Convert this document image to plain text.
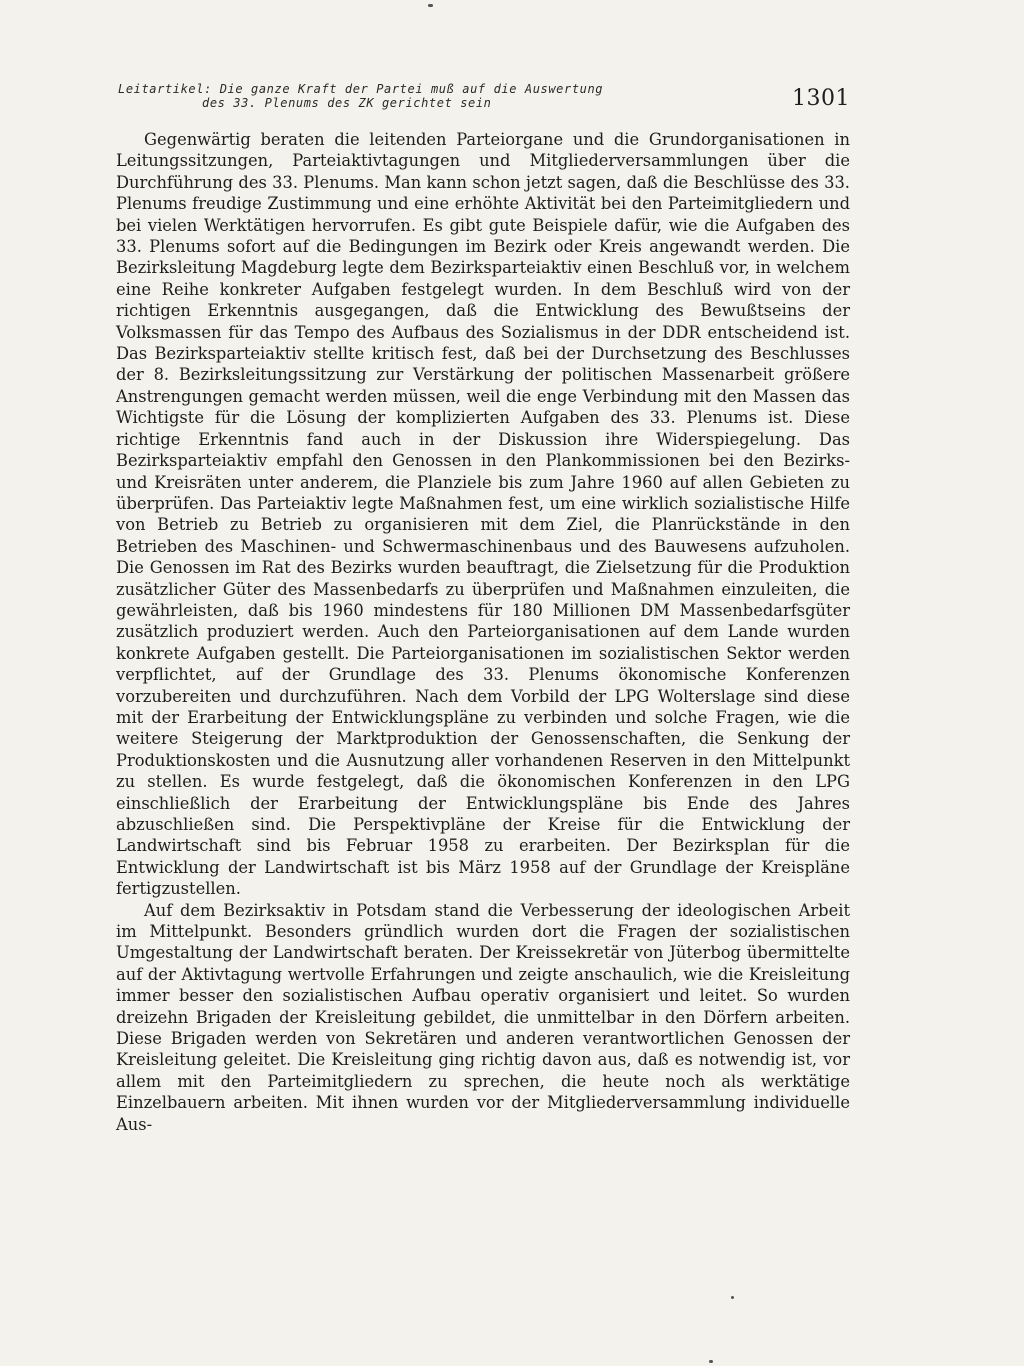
Leitartikel: Die ganze Kraft der Partei muß auf die Auswertung
des 33. Plenums des ZK gerichtet sein	1301

Gegenwärtig beraten die leitenden Parteiorgane und die Grundorganisationen in Leitungssitzungen, Parteiaktivtagungen und Mitgliederversammlungen über die Durchführung des 33. Plenums. Man kann schon jetzt sagen, daß die Beschlüsse des 33. Plenums freudige Zustimmung und eine erhöhte Aktivität bei den Parteimitgliedern und bei vielen Werktätigen hervorrufen. Es gibt gute Beispiele dafür, wie die Aufgaben des 33. Plenums sofort auf die Bedingungen im Bezirk oder Kreis angewandt werden. Die Bezirksleitung Magdeburg legte dem Bezirksparteiaktiv einen Beschluß vor, in welchem eine Reihe konkreter Aufgaben festgelegt wurden. In dem Beschluß wird von der richtigen Erkenntnis ausgegangen, daß die Entwicklung des Bewußtseins der Volksmassen für das Tempo des Aufbaus des Sozialismus in der DDR entscheidend ist. Das Bezirksparteiaktiv stellte kritisch fest, daß bei der Durchsetzung des Beschlusses der 8. Bezirksleitungssitzung zur Verstärkung der politischen Massenarbeit größere Anstrengungen gemacht werden müssen, weil die enge Verbindung mit den Massen das Wichtigste für die Lösung der komplizierten Aufgaben des 33. Plenums ist. Diese richtige Erkenntnis fand auch in der Diskussion ihre Widerspiegelung. Das Bezirksparteiaktiv empfahl den Genossen in den Plankommissionen bei den Bezirks- und Kreisräten unter anderem, die Planziele bis zum Jahre 1960 auf allen Gebieten zu überprüfen. Das Parteiaktiv legte Maßnahmen fest, um eine wirklich sozialistische Hilfe von Betrieb zu Betrieb zu organisieren mit dem Ziel, die Planrückstände in den Betrieben des Maschinen- und Schwermaschinenbaus und des Bauwesens aufzuholen. Die Genossen im Rat des Bezirks wurden beauftragt, die Zielsetzung für die Produktion zusätzlicher Güter des Massenbedarfs zu überprüfen und Maßnahmen einzuleiten, die gewährleisten, daß bis 1960 mindestens für 180 Millionen DM Massenbedarfsgüter zusätzlich produziert werden. Auch den Parteiorganisationen auf dem Lande wurden konkrete Aufgaben gestellt. Die Parteiorganisationen im sozialistischen Sektor werden verpflichtet, auf der Grundlage des 33. Plenums ökonomische Konferenzen vorzubereiten und durchzuführen. Nach dem Vorbild der LPG Wolterslage sind diese mit der Erarbeitung der Entwicklungspläne zu verbinden und solche Fragen, wie die weitere Steigerung der Marktproduktion der Genossenschaften, die Senkung der Produktionskosten und die Ausnutzung aller vorhandenen Reserven in den Mittelpunkt zu stellen. Es wurde festgelegt, daß die ökonomischen Konferenzen in den LPG einschließlich der Erarbeitung der Entwicklungspläne bis Ende des Jahres abzuschließen sind. Die Perspektivpläne der Kreise für die Entwicklung der Landwirtschaft sind bis Februar 1958 zu erarbeiten. Der Bezirksplan für die Entwicklung der Landwirtschaft ist bis März 1958 auf der Grundlage der Kreispläne fertigzustellen.

Auf dem Bezirksaktiv in Potsdam stand die Verbesserung der ideologischen Arbeit im Mittelpunkt. Besonders gründlich wurden dort die Fragen der sozialistischen Umgestaltung der Landwirtschaft beraten. Der Kreissekretär von Jüterbog übermittelte auf der Aktivtagung wertvolle Erfahrungen und zeigte anschaulich, wie die Kreisleitung immer besser den sozialistischen Aufbau operativ organisiert und leitet. So wurden dreizehn Brigaden der Kreisleitung gebildet, die unmittelbar in den Dörfern arbeiten. Diese Brigaden werden von Sekretären und anderen verantwortlichen Genossen der Kreisleitung geleitet. Die Kreisleitung ging richtig davon aus, daß es notwendig ist, vor allem mit den Parteimitgliedern zu sprechen, die heute noch als werktätige Einzelbauern arbeiten. Mit ihnen wurden vor der Mitgliederversammlung individuelle Aus-
